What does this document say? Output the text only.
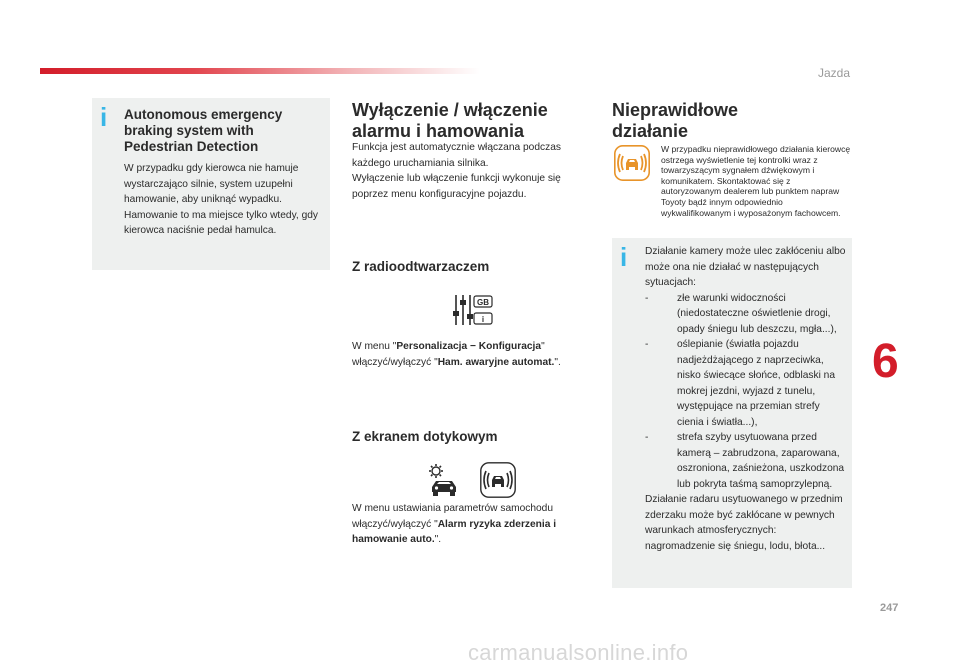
Jazda
i Autonomous emergency braking system with Pedestrian Detection

W przypadku gdy kierowca nie hamuje wystarczająco silnie, system uzupełni hamowanie, aby uniknąć wypadku. Hamowanie to ma miejsce tylko wtedy, gdy kierowca naciśnie pedał hamulca.

Wyłączenie / włączenie alarmu i hamowania

Funkcja jest automatycznie włączana podczas każdego uruchamiania silnika.

Wyłączenie lub włączenie funkcji wykonuje się poprzez menu konfiguracyjne pojazdu.

Z radioodtwarzaczem
GB
i

W menu "Personalizacja − Konfiguracja" włączyć/wyłączyć "Ham. awaryjne automat.".

Z ekranem dotykowym

W menu ustawiania parametrów samochodu włączyć/wyłączyć "Alarm ryzyka zderzenia i hamowanie auto.".

Nieprawidłowe działanie

W przypadku nieprawidłowego działania kierowcę ostrzega wyświetlenie tej kontrolki wraz z towarzyszącym sygnałem dźwiękowym i komunikatem. Skontaktować się z autoryzowanym dealerem lub punktem napraw Toyoty bądź innym odpowiednio wykwalifikowanym i wyposażonym fachowcem.

i Działanie kamery może ulec zakłóceniu albo może ona nie działać w następujących sytuacjach:

-	złe warunki widoczności (niedostateczne oświetlenie drogi, opady śniegu lub deszczu, mgła...),
-	oślepianie (światła pojazdu nadjeżdżającego z naprzeciwka, nisko świecące słońce, odblaski na mokrej jezdni, wyjazd z tunelu, występujące na przemian strefy cienia i światła...),
-	strefa szyby usytuowana przed kamerą – zabrudzona, zaparowana, oszroniona, zaśnieżona, uszkodzona lub pokryta taśmą samoprzylepną.

Działanie radaru usytuowanego w przednim zderzaku może być zakłócane w pewnych warunkach atmosferycznych: nagromadzenie się śniegu, lodu, błota...

6
247
carmanualsonline.info
